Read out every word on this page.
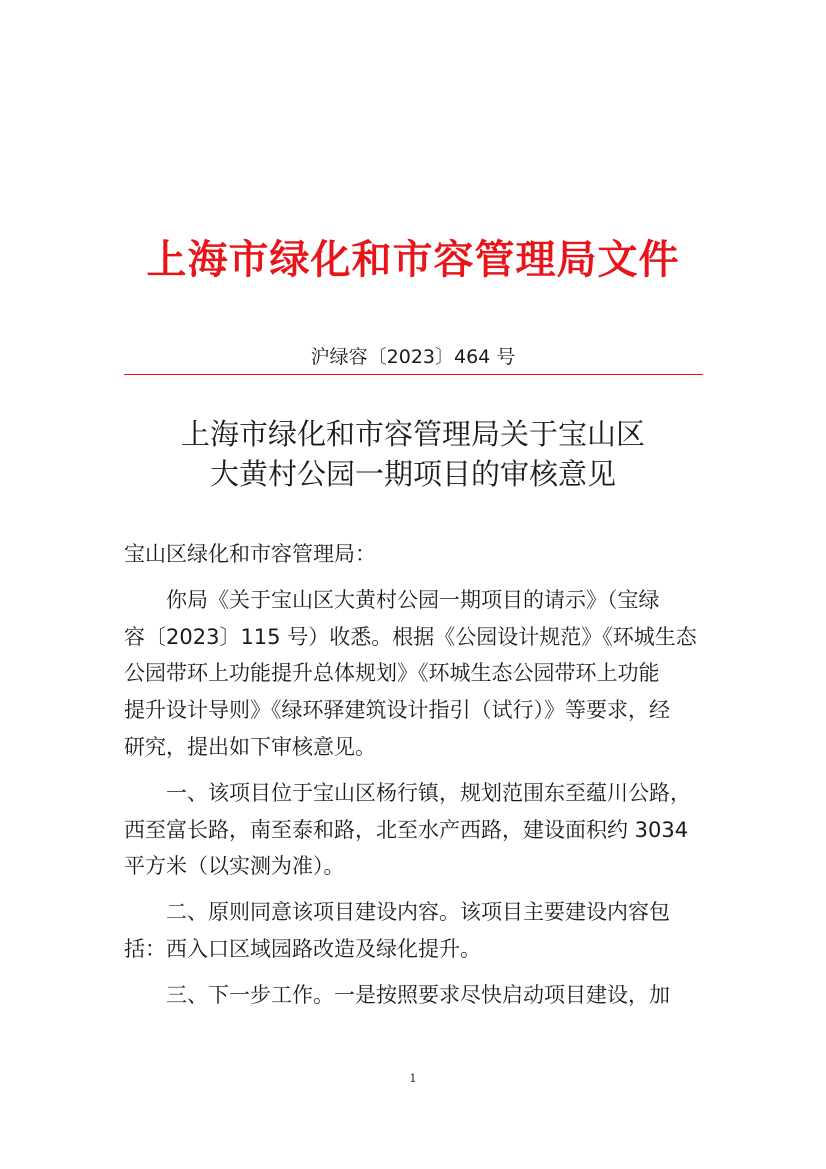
上海市绿化和市容管理局文件
沪绿容〔2023〕464 号
上海市绿化和市容管理局关于宝山区
大黄村公园一期项目的审核意见
宝山区绿化和市容管理局：
你局《关于宝山区大黄村公园一期项目的请示》（宝绿
容〔2023〕115 号）收悉。根据《公园设计规范》《环城生态
公园带环上功能提升总体规划》《环城生态公园带环上功能
提升设计导则》《绿环驿建筑设计指引（试行）》等要求，经
研究，提出如下审核意见。
一、该项目位于宝山区杨行镇，规划范围东至蕴川公路，
西至富长路，南至泰和路，北至水产西路，建设面积约 3034
平方米（以实测为准）。
二、原则同意该项目建设内容。该项目主要建设内容包
括：西入口区域园路改造及绿化提升。
三、下一步工作。一是按照要求尽快启动项目建设，加
1
